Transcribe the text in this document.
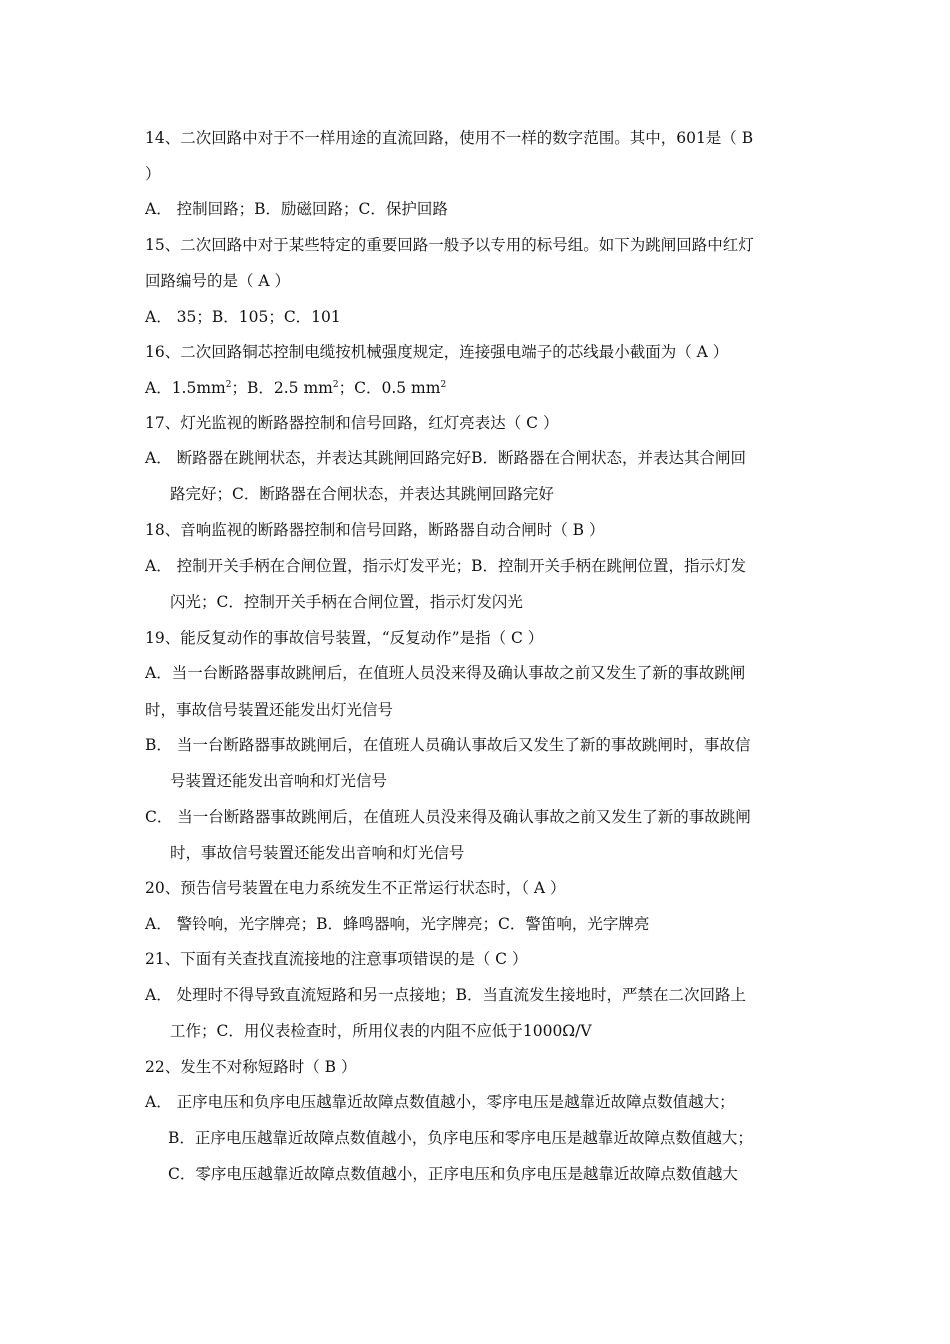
14、二次回路中对于不一样用途的直流回路，使用不一样的数字范围。其中，601是（ B
）
A． 控制回路；B．励磁回路；C．保护回路
15、二次回路中对于某些特定的重要回路一般予以专用的标号组。如下为跳闸回路中红灯
回路编号的是（ A ）
A． 35；B．105；C．101
16、二次回路铜芯控制电缆按机械强度规定，连接强电端子的芯线最小截面为（ A ）
A．$1.5mm^2$；B．2.5 $mm^2$；C．0.5 $mm^2$
17、灯光监视的断路器控制和信号回路，红灯亮表达（ C ）
A． 断路器在跳闸状态，并表达其跳闸回路完好B．断路器在合闸状态，并表达其合闸回
路完好；C．断路器在合闸状态，并表达其跳闸回路完好
18、音响监视的断路器控制和信号回路，断路器自动合闸时（ B ）
A． 控制开关手柄在合闸位置，指示灯发平光；B．控制开关手柄在跳闸位置，指示灯发
闪光；C．控制开关手柄在合闸位置，指示灯发闪光
19、能反复动作的事故信号装置，“反复动作”是指（ C ）
A．当一台断路器事故跳闸后，在值班人员没来得及确认事故之前又发生了新的事故跳闸
时，事故信号装置还能发出灯光信号
B． 当一台断路器事故跳闸后，在值班人员确认事故后又发生了新的事故跳闸时，事故信
号装置还能发出音响和灯光信号
C． 当一台断路器事故跳闸后，在值班人员没来得及确认事故之前又发生了新的事故跳闸
时，事故信号装置还能发出音响和灯光信号
20、预告信号装置在电力系统发生不正常运行状态时，（ A ）
A． 警铃响，光字牌亮；B．蜂鸣器响，光字牌亮；C．警笛响，光字牌亮
21、下面有关查找直流接地的注意事项错误的是（ C ）
A． 处理时不得导致直流短路和另一点接地；B．当直流发生接地时，严禁在二次回路上
工作；C．用仪表检查时，所用仪表的内阻不应低于1000Ω/V
22、发生不对称短路时（ B ）
A． 正序电压和负序电压越靠近故障点数值越小，零序电压是越靠近故障点数值越大；
B．正序电压越靠近故障点数值越小，负序电压和零序电压是越靠近故障点数值越大；
C．零序电压越靠近故障点数值越小，正序电压和负序电压是越靠近故障点数值越大
